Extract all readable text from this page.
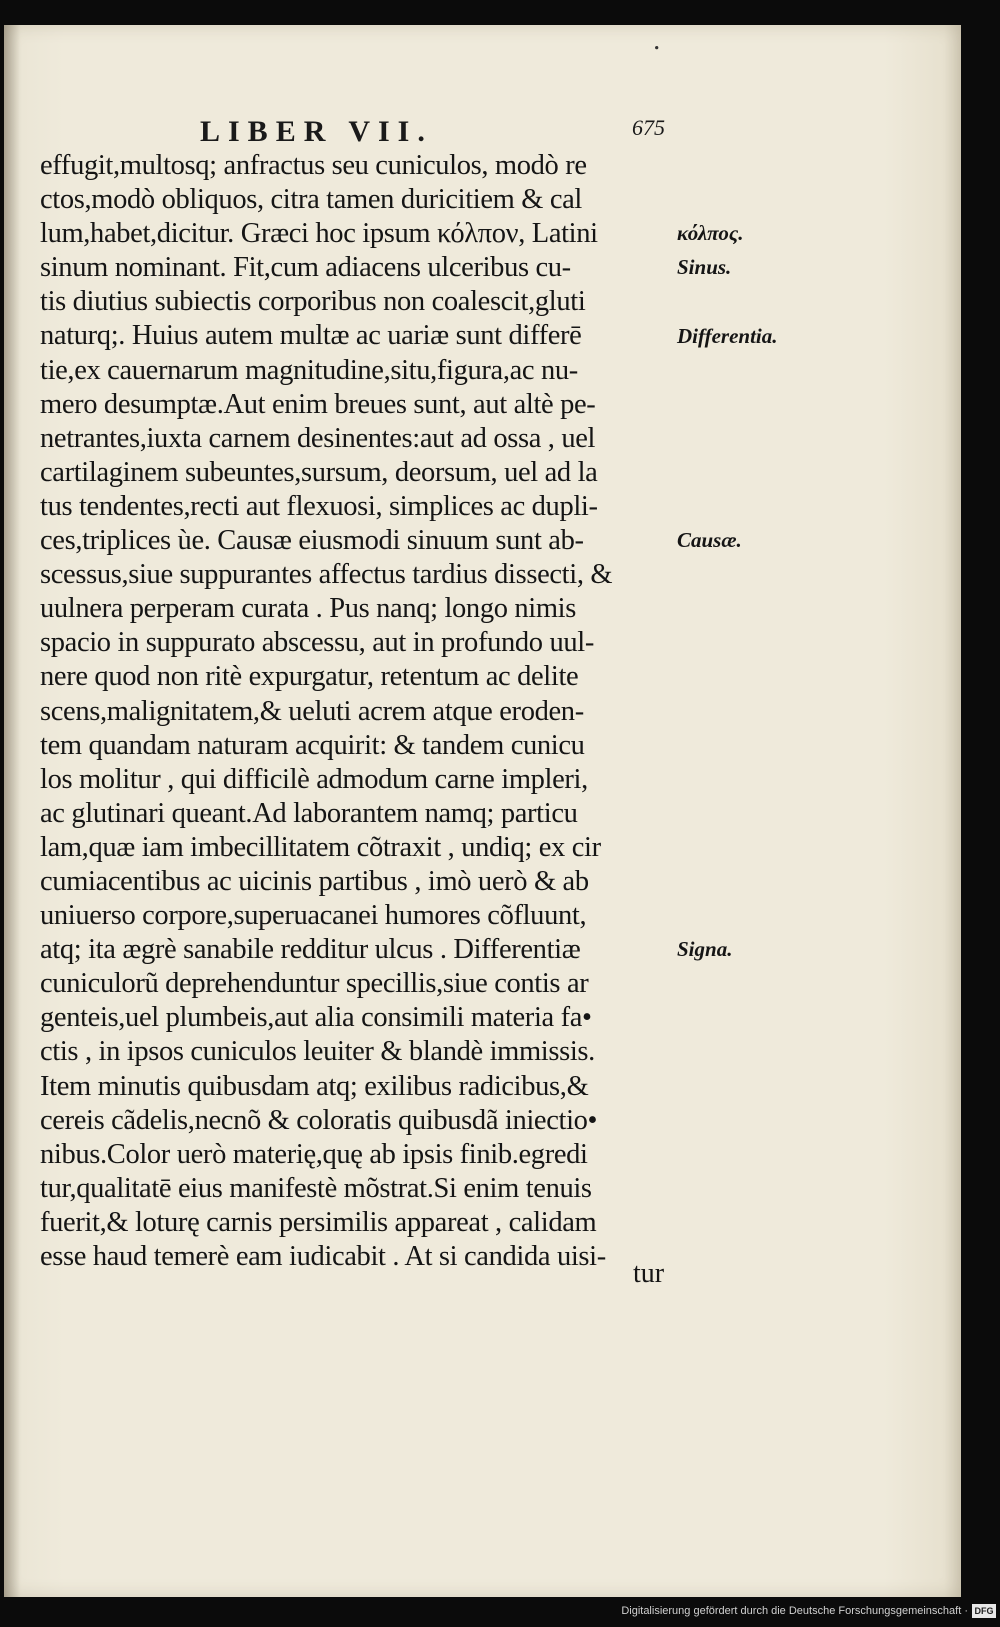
•
LIBER VII.	675
effugit,multosq; anfractus seu cuniculos, modò re
ctos,modò obliquos, citra tamen duricitiem & cal
lum,habet,dicitur. Græci hoc ipsum κόλπον, Latini
sinum nominant. Fit,cum adiacens ulceribus cu-
tis diutius subiectis corporibus non coalescit,gluti
naturq;. Huius autem multæ ac uariæ sunt differē
tie,ex cauernarum magnitudine,situ,figura,ac nu-
mero desumptæ.Aut enim breues sunt, aut altè pe-
netrantes,iuxta carnem desinentes:aut ad ossa , uel
cartilaginem subeuntes,sursum, deorsum, uel ad la
tus tendentes,recti aut flexuosi, simplices ac dupli-
ces,triplices ùe. Causæ eiusmodi sinuum sunt ab-
scessus,siue suppurantes affectus tardius dissecti, &
uulnera perperam curata . Pus nanq; longo nimis
spacio in suppurato abscessu, aut in profundo uul-
nere quod non ritè expurgatur, retentum ac delite
scens,malignitatem,& ueluti acrem atque eroden-
tem quandam naturam acquirit: & tandem cunicu
los molitur , qui difficilè admodum carne impleri,
ac glutinari queant.Ad laborantem namq; particu
lam,quæ iam imbecillitatem cõtraxit , undiq; ex cir
cumiacentibus ac uicinis partibus , imò uerò & ab
uniuerso corpore,superuacanei humores cõfluunt,
atq; ita ægrè sanabile redditur ulcus . Differentiæ
cuniculorũ deprehenduntur specillis,siue contis ar
genteis,uel plumbeis,aut alia consimili materia fa•
ctis , in ipsos cuniculos leuiter & blandè immissis.
Item minutis quibusdam atq; exilibus radicibus,&
cereis cãdelis,necnõ & coloratis quibusdã iniectio•
nibus.Color uerò materię,quę ab ipsis finib.egredi
tur,qualitatē eius manifestè mõstrat.Si enim tenuis
fuerit,& loturę carnis persimilis appareat , calidam
esse haud temerè eam iudicabit . At si candida uisi-
κόλπος.
Sinus.
Differentia.
Causæ.
Signa.
tur
Digitalisierung gefördert durch die Deutsche Forschungsgemeinschaft · DFG
